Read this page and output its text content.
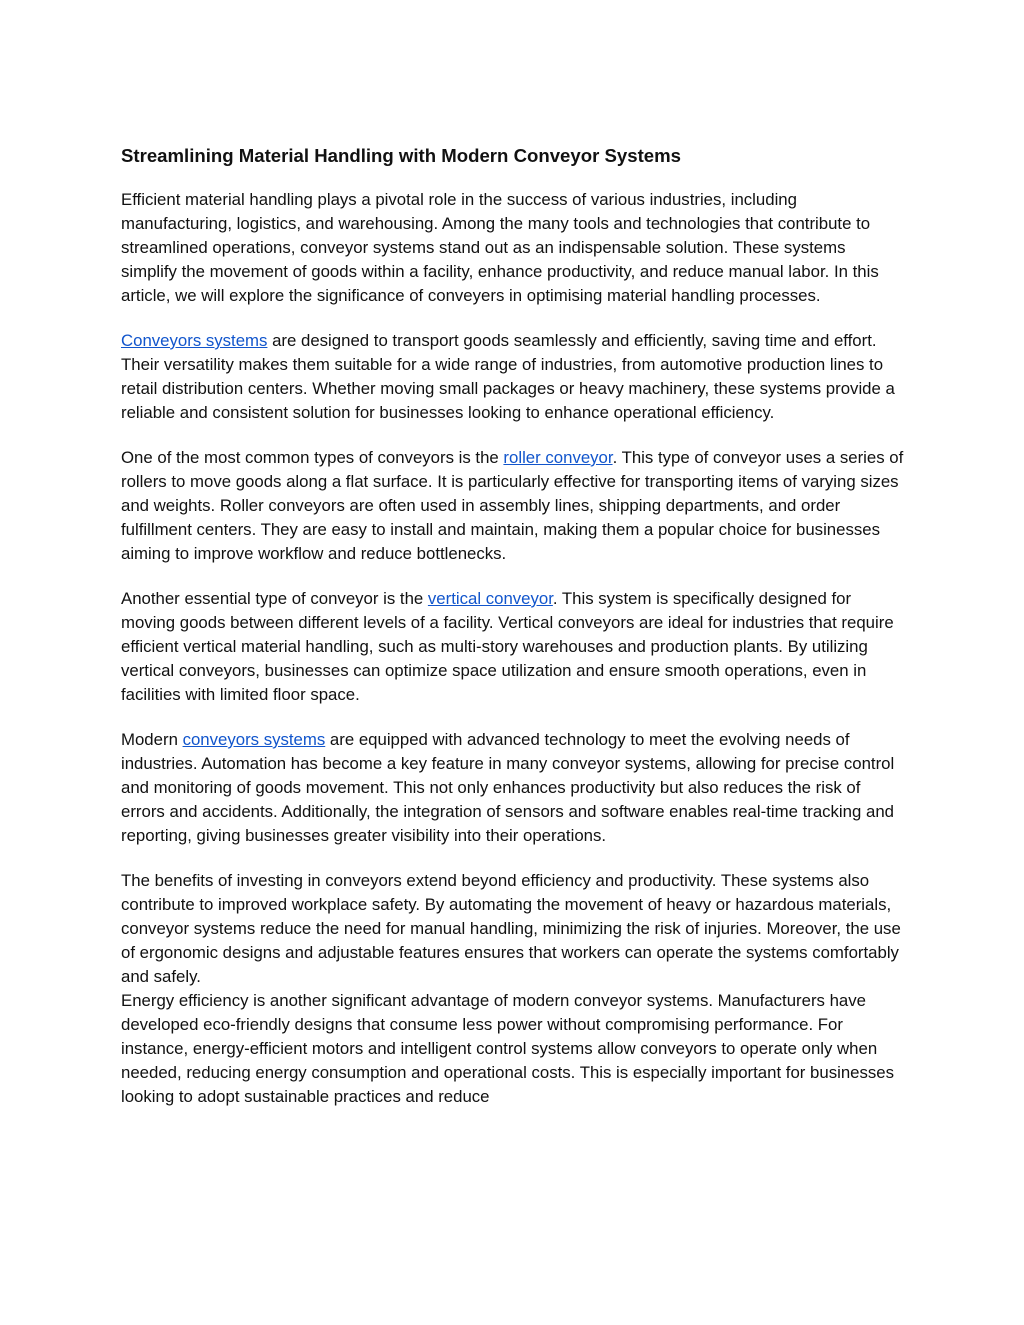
Streamlining Material Handling with Modern Conveyor Systems

Efficient material handling plays a pivotal role in the success of various industries, including manufacturing, logistics, and warehousing. Among the many tools and technologies that contribute to streamlined operations, conveyor systems stand out as an indispensable solution. These systems simplify the movement of goods within a facility, enhance productivity, and reduce manual labor. In this article, we will explore the significance of conveyers in optimising material handling processes.

Conveyors systems are designed to transport goods seamlessly and efficiently, saving time and effort. Their versatility makes them suitable for a wide range of industries, from automotive production lines to retail distribution centers. Whether moving small packages or heavy machinery, these systems provide a reliable and consistent solution for businesses looking to enhance operational efficiency.

One of the most common types of conveyors is the roller conveyor. This type of conveyor uses a series of rollers to move goods along a flat surface. It is particularly effective for transporting items of varying sizes and weights. Roller conveyors are often used in assembly lines, shipping departments, and order fulfillment centers. They are easy to install and maintain, making them a popular choice for businesses aiming to improve workflow and reduce bottlenecks.

Another essential type of conveyor is the vertical conveyor. This system is specifically designed for moving goods between different levels of a facility. Vertical conveyors are ideal for industries that require efficient vertical material handling, such as multi-story warehouses and production plants. By utilizing vertical conveyors, businesses can optimize space utilization and ensure smooth operations, even in facilities with limited floor space.

Modern conveyors systems are equipped with advanced technology to meet the evolving needs of industries. Automation has become a key feature in many conveyor systems, allowing for precise control and monitoring of goods movement. This not only enhances productivity but also reduces the risk of errors and accidents. Additionally, the integration of sensors and software enables real-time tracking and reporting, giving businesses greater visibility into their operations.

The benefits of investing in conveyors extend beyond efficiency and productivity. These systems also contribute to improved workplace safety. By automating the movement of heavy or hazardous materials, conveyor systems reduce the need for manual handling, minimizing the risk of injuries. Moreover, the use of ergonomic designs and adjustable features ensures that workers can operate the systems comfortably and safely.

Energy efficiency is another significant advantage of modern conveyor systems. Manufacturers have developed eco-friendly designs that consume less power without compromising performance. For instance, energy-efficient motors and intelligent control systems allow conveyors to operate only when needed, reducing energy consumption and operational costs. This is especially important for businesses looking to adopt sustainable practices and reduce
